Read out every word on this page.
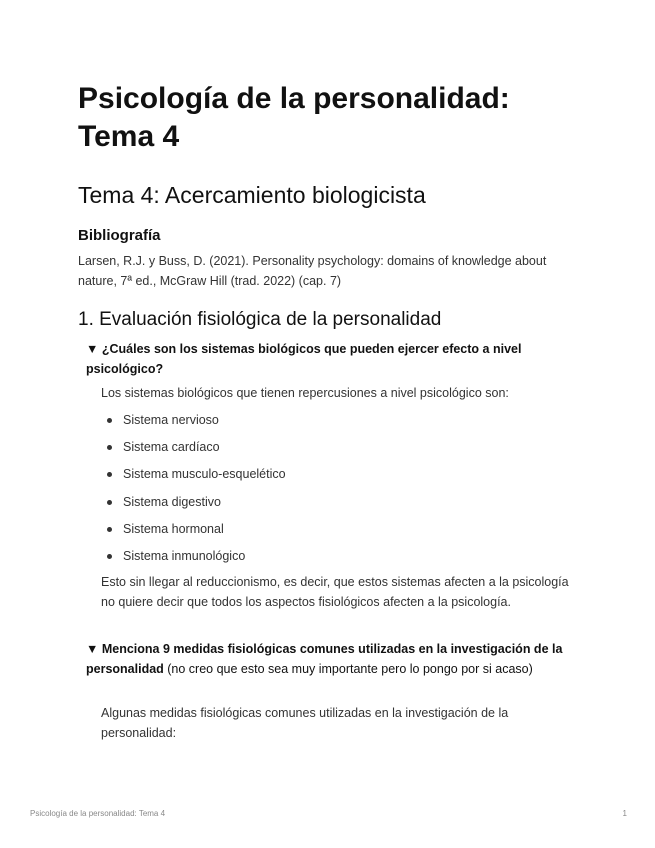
Psicología de la personalidad: Tema 4
Tema 4: Acercamiento biologicista
Bibliografía

Larsen, R.J. y Buss, D. (2021). Personality psychology: domains of knowledge about nature, 7ª ed., McGraw Hill (trad. 2022) (cap. 7)

1. Evaluación fisiológica de la personalidad

▼ ¿Cuáles son los sistemas biológicos que pueden ejercer efecto a nivel psicológico?

Los sistemas biológicos que tienen repercusiones a nivel psicológico son:

Sistema nervioso
Sistema cardíaco
Sistema musculo-esquelético
Sistema digestivo
Sistema hormonal
Sistema inmunológico

Esto sin llegar al reduccionismo, es decir, que estos sistemas afecten a la psicología no quiere decir que todos los aspectos fisiológicos afecten a la psicología.

▼ Menciona 9 medidas fisiológicas comunes utilizadas en la investigación de la personalidad (no creo que esto sea muy importante pero lo pongo por si acaso)

Algunas medidas fisiológicas comunes utilizadas en la investigación de la personalidad:

Psicología de la personalidad: Tema 4	1
